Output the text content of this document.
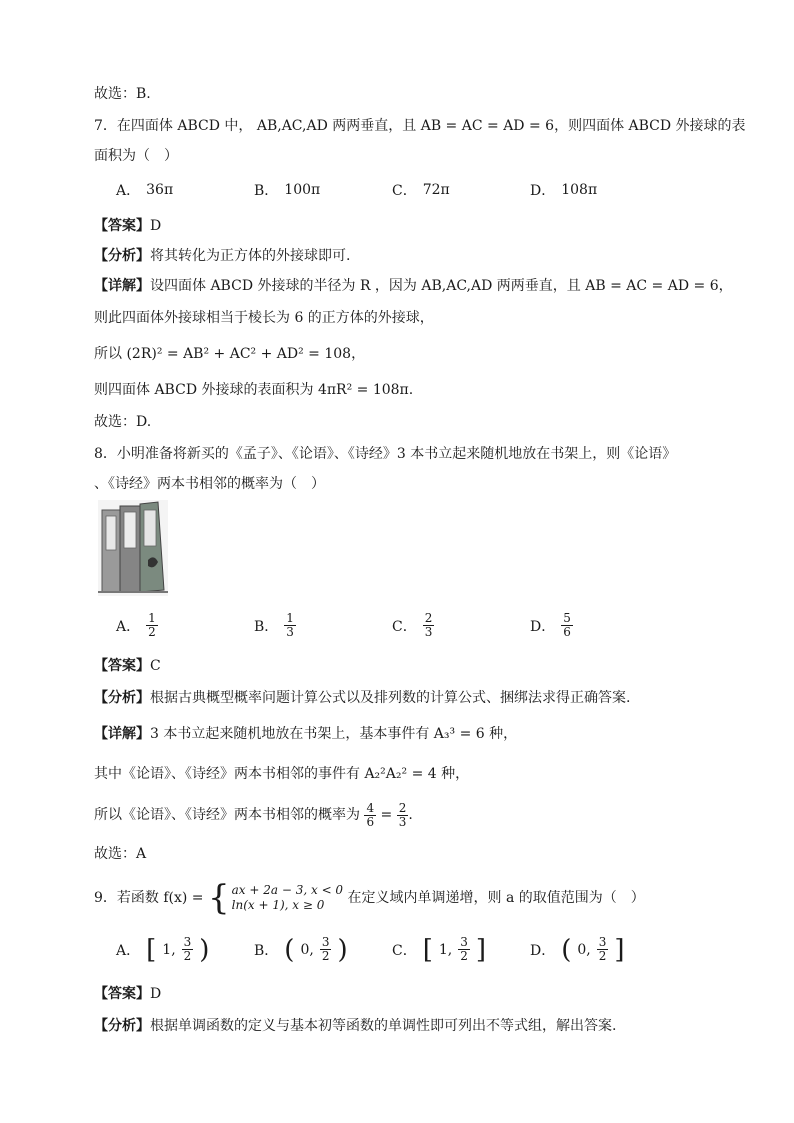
故选：B.
7．在四面体 ABCD 中， AB,AC,AD 两两垂直，且 AB = AC = AD = 6，则四面体 ABCD 外接球的表
面积为（　）
A． 36π	B． 100π	C． 72π	D． 108π
【答案】D
【分析】将其转化为正方体的外接球即可.
【详解】设四面体 ABCD 外接球的半径为 R ，因为 AB,AC,AD 两两垂直，且 AB = AC = AD = 6，
则此四面体外接球相当于棱长为 6 的正方体的外接球，
所以 (2R)² = AB² + AC² + AD² = 108，
则四面体 ABCD 外接球的表面积为 4πR² = 108π.
故选：D.
8．小明准备将新买的《孟子》、《论语》、《诗经》3 本书立起来随机地放在书架上，则《论语》
、《诗经》两本书相邻的概率为（　）
A． $\frac{1}{2}$	B． $\frac{1}{3}$	C． $\frac{2}{3}$	D． $\frac{5}{6}$
【答案】C
【分析】根据古典概型概率问题计算公式以及排列数的计算公式、捆绑法求得正确答案.
【详解】3 本书立起来随机地放在书架上，基本事件有 A₃³ = 6 种，
其中《论语》、《诗经》两本书相邻的事件有 A₂²A₂² = 4 种，
所以《论语》、《诗经》两本书相邻的概率为 $\frac{4}{6} = \frac{2}{3}$ .
故选：A
9．若函数 f(x) = { ax + 2a − 3, x < 0
ln(x + 1), x ≥ 0	在定义域内单调递增，则 a 的取值范围为（　）
A． [ 1, $\frac{3}{2}$ )	B． ( 0, $\frac{3}{2}$ )	C． [ 1, $\frac{3}{2}$ ]	D． ( 0, $\frac{3}{2}$ ]
【答案】D
【分析】根据单调函数的定义与基本初等函数的单调性即可列出不等式组，解出答案.
